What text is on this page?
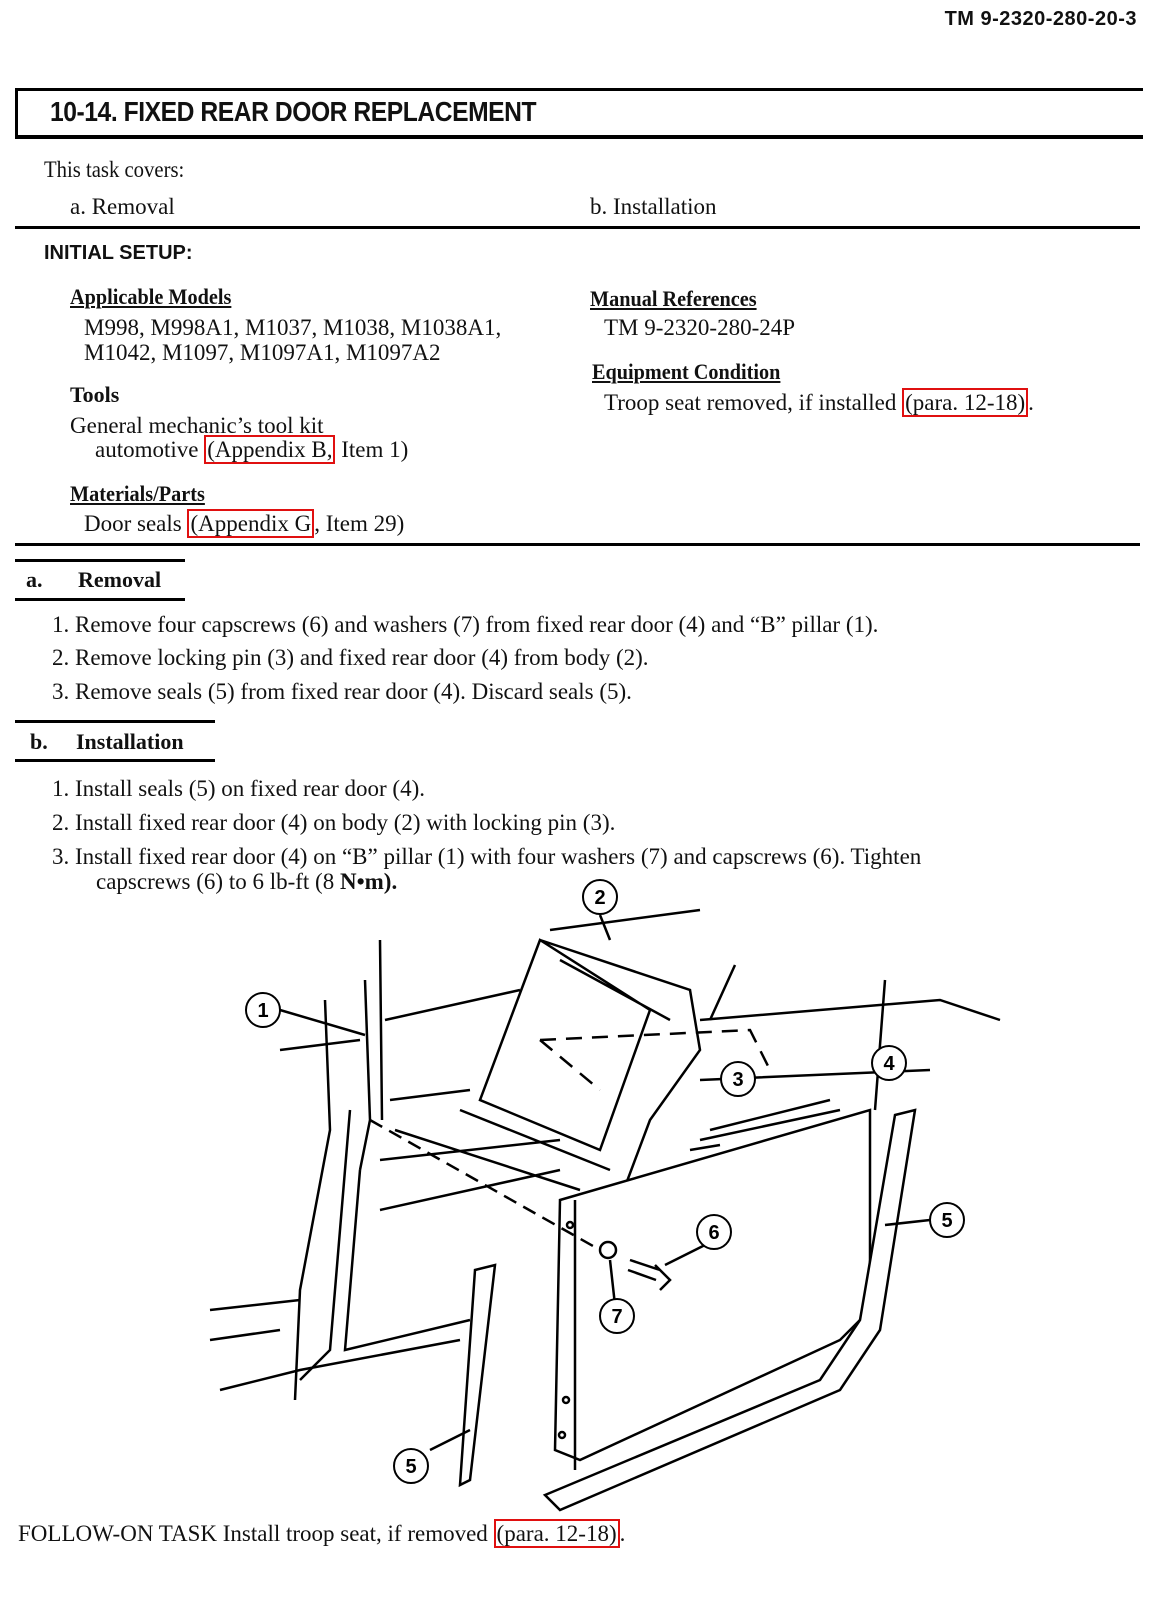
TM 9-2320-280-20-3
10-14. FIXED REAR DOOR REPLACEMENT
This task covers:
a. Removal	b. Installation
INITIAL SETUP:
Applicable Models
M998, M998A1, M1037, M1038, M1038A1,
M1042, M1097, M1097A1, M1097A2
Tools
General mechanic’s tool kit
automotive (Appendix B, Item 1)
Materials/Parts
Door seals (Appendix G , Item 29)
Manual References
TM 9-2320-280-24P
Equipment Condition
Troop seat removed, if installed (para. 12-18) .
a. Removal
1. Remove four capscrews (6) and washers (7) from fixed rear door (4) and “B” pillar (1).
2. Remove locking pin (3) and fixed rear door (4) from body (2).
3. Remove seals (5) from fixed rear door (4). Discard seals (5).
b. Installation
1. Install seals (5) on fixed rear door (4).
2. Install fixed rear door (4) on body (2) with locking pin (3).
3. Install fixed rear door (4) on “B” pillar (1) with four washers (7) and capscrews (6). Tighten
capscrews (6) to 6 lb-ft (8 N•m).
1
2
3
4
5
6
7
5
FOLLOW-ON TASK Install troop seat, if removed (para. 12-18) .
